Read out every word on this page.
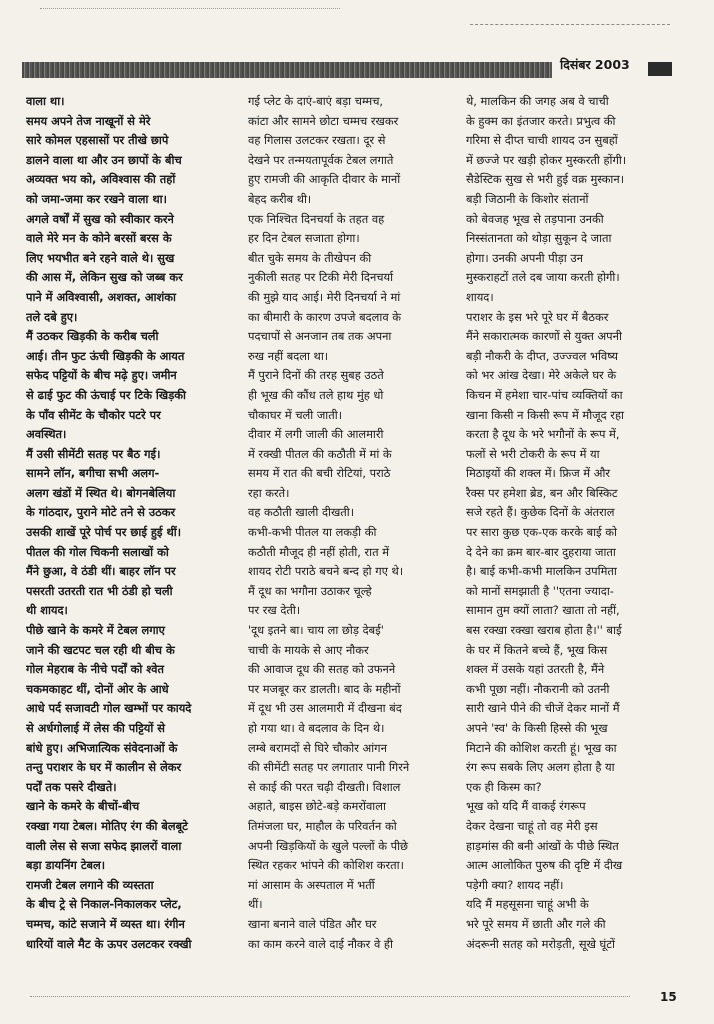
दिसंबर 2003
वाला था।
समय अपने तेज नाखूनों से मेरे
सारे कोमल एहसासों पर तीखे छापे
डालने वाला था और उन छापों के बीच
अव्यक्त भय को, अविश्वास की तहों
को जमा-जमा कर रखने वाला था।
अगले वर्षों में सुख को स्वीकार करने
वाले मेरे मन के कोने बरसों बरस के
लिए भयभीत बने रहने वाले थे। सुख
की आस में, लेकिन सुख को जब्ब कर
पाने में अविश्वासी, अशक्त, आशंका
तले दबे हुए।
मैं उठकर खिड़की के करीब चली
आई। तीन फुट ऊंची खिड़की के आयत
सफेद पट्टियों के बीच मढ़े हुए। जमीन
से ढाई फुट की ऊंचाई पर टिके खिड़की
के पाँव सीमेंट के चौकोर पटरे पर
अवस्थित।
मैं उसी सीमेंटी सतह पर बैठ गई।
सामने लॉन, बगीचा सभी अलग-
अलग खंडों में स्थित थे। बोगनबेलिया
के गांठदार, पुराने मोटे तने से उठकर
उसकी शाखें पूरे पोर्च पर छाई हुई थीं।
पीतल की गोल चिकनी सलाखों को
मैंने छुआ, वे ठंडी थीं। बाहर लॉन पर
पसरती उतरती रात भी ठंडी हो चली
थी शायद।
पीछे खाने के कमरे में टेबल लगाए
जाने की खटपट चल रही थी बीच के
गोल मेहराब के नीचे पर्दों को श्वेत
चकमकाहट थीं, दोनों ओर के आधे
आधे पर्द सजावटी गोल खम्भों पर कायदे
से अर्धगोलाई में लेस की पट्टियों से
बांधे हुए। अभिजात्यिक संवेदनाओं के
तन्तु पराशर के घर में कालीन से लेकर
पर्दों तक पसरे दीखते।
खाने के कमरे के बीचों-बीच
रक्खा गया टेबल। मोतिए रंग की बेलबूटे
वाली लेस से सजा सफेद झालरों वाला
बड़ा डायनिंग टेबल।
रामजी टेबल लगाने की व्यस्तता
के बीच ट्रे से निकाल-निकालकर प्लेट,
चम्मच, कांटे सजाने में व्यस्त था। रंगीन
धारियों वाले मैट के ऊपर उलटकर रक्खी
गई प्लेट के दाएं-बाएं बड़ा चम्मच,
कांटा और सामने छोटा चम्मच रखकर
वह गिलास उलटकर रखता। दूर से
देखने पर तन्मयतापूर्वक टेबल लगाते
हुए रामजी की आकृति दीवार के मानों
बेहद करीब थी।
एक निश्चित दिनचर्या के तहत वह
हर दिन टेबल सजाता होगा।
बीत चुके समय के तीखेपन की
नुकीली सतह पर टिकी मेरी दिनचर्या
की मुझे याद आई। मेरी दिनचर्या ने मां
का बीमारी के कारण उपजे बदलाव के
पदचापों से अनजान तब तक अपना
रुख नहीं बदला था।
मैं पुराने दिनों की तरह सुबह उठते
ही भूख की कौंध तले हाथ मुंह धो
चौकाघर में चली जाती।
दीवार में लगी जाली की आलमारी
में रक्खी पीतल की कठौती में मां के
समय में रात की बची रोटियां, पराठे
रहा करते।
वह कठौती खाली दीखती।
कभी-कभी पीतल या लकड़ी की
कठौती मौजूद ही नहीं होती, रात में
शायद रोटी पराठे बचने बन्द हो गए थे।
मैं दूध का भगौना उठाकर चूल्हे
पर रख देती।
'दूध इतने बा। चाय ला छोड़ देबई'
चाची के मायके से आए नौकर
की आवाज दूध की सतह को उफनने
पर मजबूर कर डालती। बाद के महीनों
में दूध भी उस आलमारी में दीखना बंद
हो गया था। वे बदलाव के दिन थे।
लम्बे बरामदों से घिरे चौकोर आंगन
की सीमेंटी सतह पर लगातार पानी गिरने
से काई की परत चढ़ी दीखती। विशाल
अहाते, बाइस छोटे-बड़े कमरोंवाला
तिमंजला घर, माहौल के परिवर्तन को
अपनी खिड़कियों के खुले पल्लों के पीछे
स्थित रहकर भांपने की कोशिश करता।
मां आसाम के अस्पताल में भर्ती
थीं।
खाना बनाने वाले पंडित और घर
का काम करने वाले दाई नौकर वे ही
थे, मालकिन की जगह अब वे चाची
के हुक्म का इंतजार करते। प्रभुत्व की
गरिमा से दीप्त चाची शायद उन सुबहों
में छज्जे पर खड़ी होकर मुस्करती होंगी।
सैडेस्टिक सुख से भरी हुई वक्र मुस्कान।
बड़ी जिठानी के किशोर संतानों
को बेवजह भूख से तड़पाना उनकी
निस्संतानता को थोड़ा सुकून दे जाता
होगा। उनकी अपनी पीड़ा उन
मुस्कराहटों तले दब जाया करती होगी।
शायद।
पराशर के इस भरे पूरे घर में बैठकर
मैंने सकारात्मक कारणों से युक्त अपनी
बड़ी नौकरी के दीप्त, उज्ज्वल भविष्य
को भर आंख देखा। मेरे अकेले घर के
किचन में हमेशा चार-पांच व्यक्तियों का
खाना किसी न किसी रूप में मौजूद रहा
करता है दूध के भरे भगौनों के रूप में,
फलों से भरी टोकरी के रूप में या
मिठाइयों की शक्ल में। फ्रिज में और
रैक्स पर हमेशा ब्रेड, बन और बिस्किट
सजे रहते हैं। कुछेक दिनों के अंतराल
पर सारा कुछ एक-एक करके बाई को
दे देने का क्रम बार-बार दुहराया जाता
है। बाई कभी-कभी मालकिन उपमिता
को मानों समझाती है ''एतना ज्यादा-
सामान तुम क्यों लाता? खाता तो नहीं,
बस रक्खा रक्खा खराब होता है।'' बाई
के घर में कितने बच्चे हैं, भूख किस
शक्ल में उसके यहां उतरती है, मैंने
कभी पूछा नहीं। नौकरानी को उतनी
सारी खाने पीने की चीजें देकर मानों मैं
अपने 'स्व' के किसी हिस्से की भूख
मिटाने की कोशिश करती हूं। भूख का
रंग रूप सबके लिए अलग होता है या
एक ही किस्म का?
भूख को यदि मैं वाकई रंगरूप
देकर देखना चाहूं तो वह मेरी इस
हाड़मांस की बनी आंखों के पीछे स्थित
आत्म आलोकित पुरुष की दृष्टि में दीख
पड़ेगी क्या? शायद नहीं।
यदि मैं महसूसना चाहूं अभी के
भरे पूरे समय में छाती और गले की
अंदरूनी सतह को मरोड़ती, सूखे घूंटों
15
